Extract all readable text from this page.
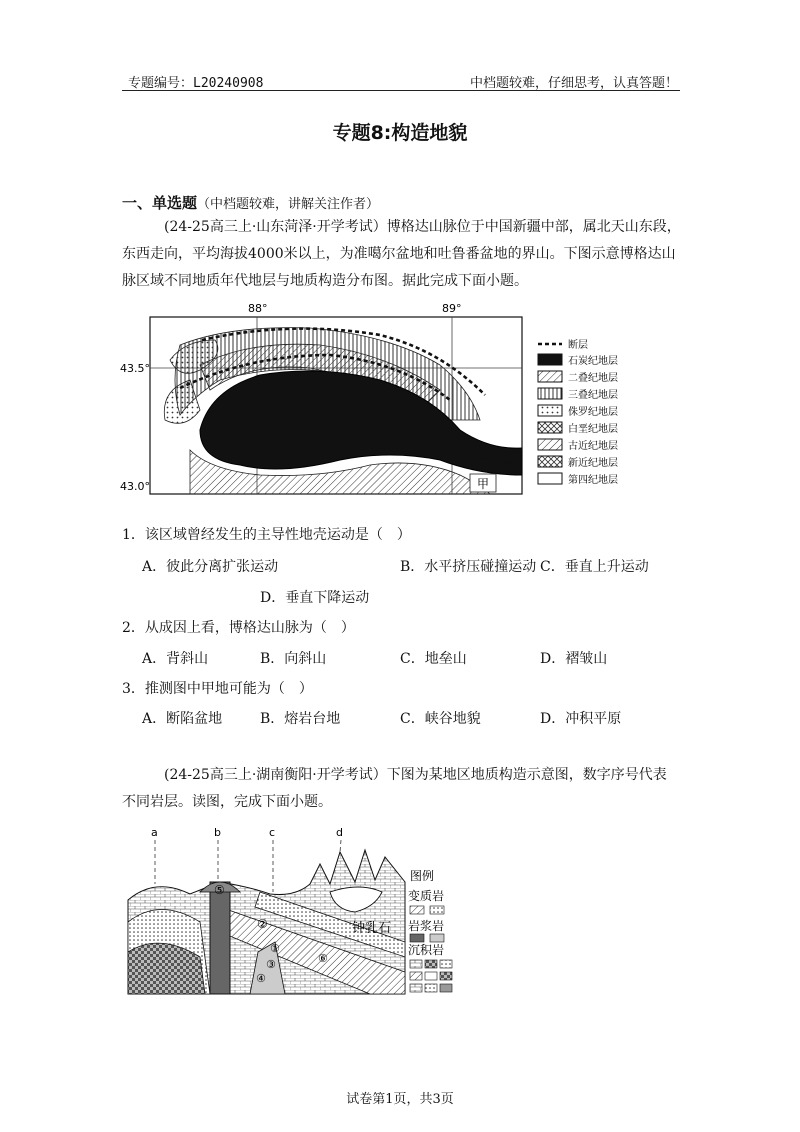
专题编号：L20240908	中档题较难，仔细思考，认真答题！
专题8:构造地貌
一、单选题（中档题较难，讲解关注作者）
(24-25高三上·山东菏泽·开学考试）博格达山脉位于中国新疆中部，属北天山东段，
东西走向，平均海拔4000米以上，为准噶尔盆地和吐鲁番盆地的界山。下图示意博格达山
脉区域不同地质年代地层与地质构造分布图。据此完成下面小题。
甲
88°	89°
43.5°
43.0°
断层
石炭纪地层
二叠纪地层
三叠纪地层
侏罗纪地层
白垩纪地层
古近纪地层
新近纪地层
第四纪地层
1．该区域曾经发生的主导性地壳运动是（　）
A．彼此分离扩张运动	B．水平挤压碰撞运动 C．垂直上升运动
D．垂直下降运动
2．从成因上看，博格达山脉为（　）
A．背斜山	B．向斜山	C．地垒山	D．褶皱山
3．推测图中甲地可能为（　）
A．断陷盆地	B．熔岩台地	C．峡谷地貌	D．冲积平原
(24-25高三上·湖南衡阳·开学考试）下图为某地区地质构造示意图，数字序号代表
不同岩层。读图，完成下面小题。
a	b	c	d
⑤
②
①
③
④
⑥
钟乳石
图例
变质岩
岩浆岩
沉积岩
试卷第1页，共3页
